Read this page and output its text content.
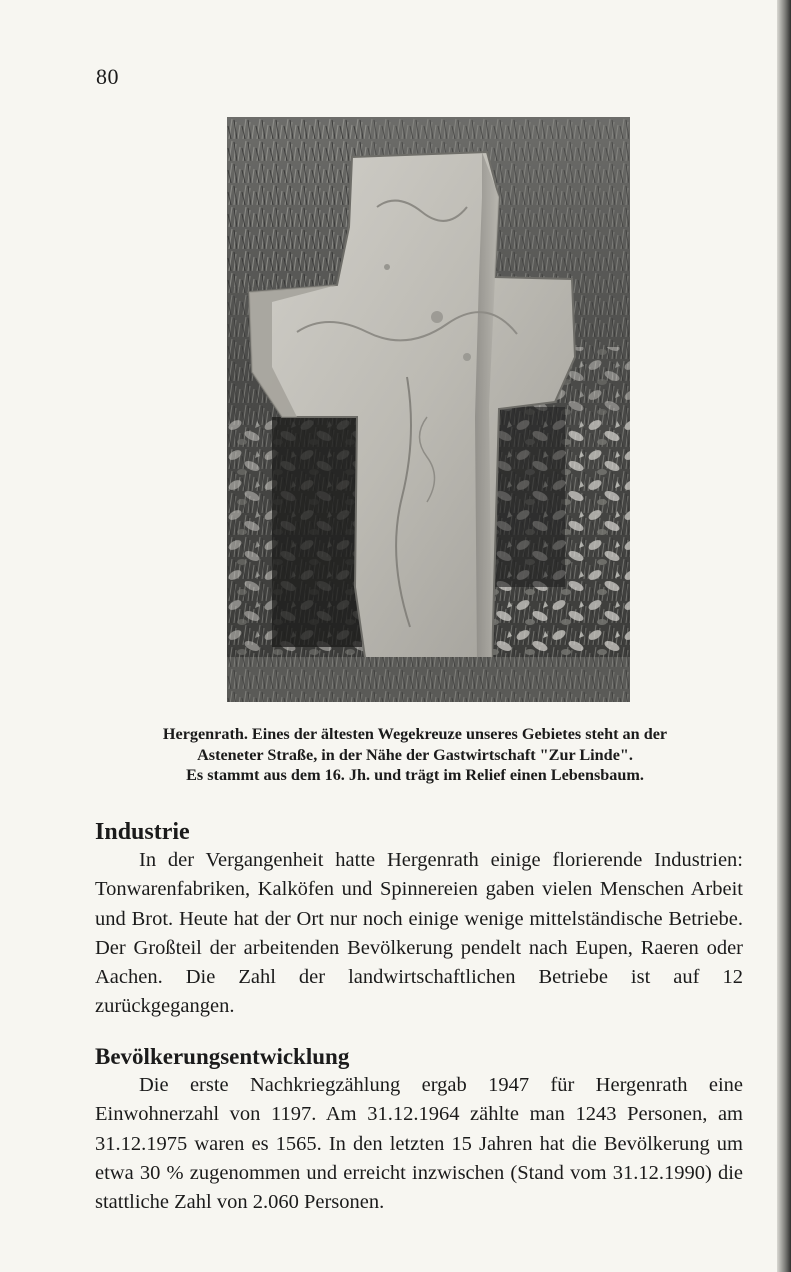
80
Hergenrath. Eines der ältesten Wegekreuze unseres Gebietes steht an der
Asteneter Straße, in der Nähe der Gastwirtschaft "Zur Linde".
Es stammt aus dem 16. Jh. und trägt im Relief einen Lebensbaum.
Industrie

In der Vergangenheit hatte Hergenrath einige florierende Industrien: Tonwarenfabriken, Kalköfen und Spinnereien gaben vielen Menschen Arbeit und Brot. Heute hat der Ort nur noch einige wenige mittelständische Betriebe. Der Großteil der arbeitenden Bevölkerung pendelt nach Eupen, Raeren oder Aachen. Die Zahl der landwirtschaftlichen Betriebe ist auf 12 zurückgegangen.

Bevölkerungsentwicklung

Die erste Nachkriegzählung ergab 1947 für Hergenrath eine Einwohnerzahl von 1197. Am 31.12.1964 zählte man 1243 Personen, am 31.12.1975 waren es 1565. In den letzten 15 Jahren hat die Bevölkerung um etwa 30 % zugenommen und erreicht inzwischen (Stand vom 31.12.1990) die stattliche Zahl von 2.060 Personen.
